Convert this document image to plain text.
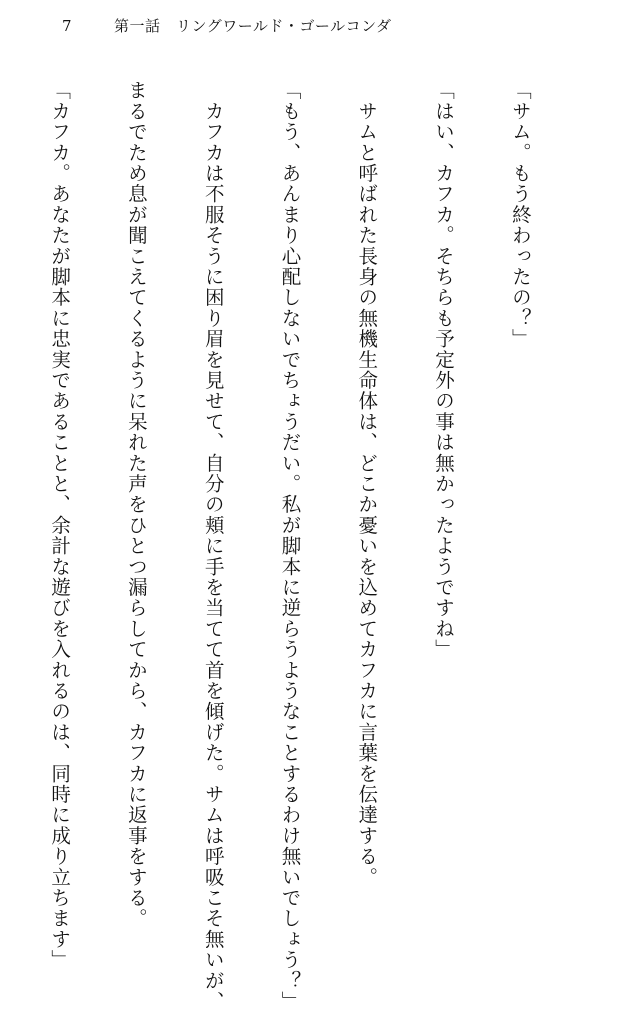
7	第一話　リングワールド・ゴールコンダ

「サム。もう終わったの？」

「はい、カフカ。そちらも予定外の事は無かったようですね」

　サムと呼ばれた長身の無機生命体は、どこか憂いを込めてカフカに言葉を伝達する。

「もう、あんまり心配しないでちょうだい。私が脚本に逆らうようなことするわけ無いでしょう？」

　カフカは不服そうに困り眉を見せて、自分の頬に手を当てて首を傾げた。サムは呼吸こそ無いが、

まるでため息が聞こえてくるように呆れた声をひとつ漏らしてから、カフカに返事をする。

「カフカ。あなたが脚本に忠実であることと、余計な遊びを入れるのは、同時に成り立ちます」
